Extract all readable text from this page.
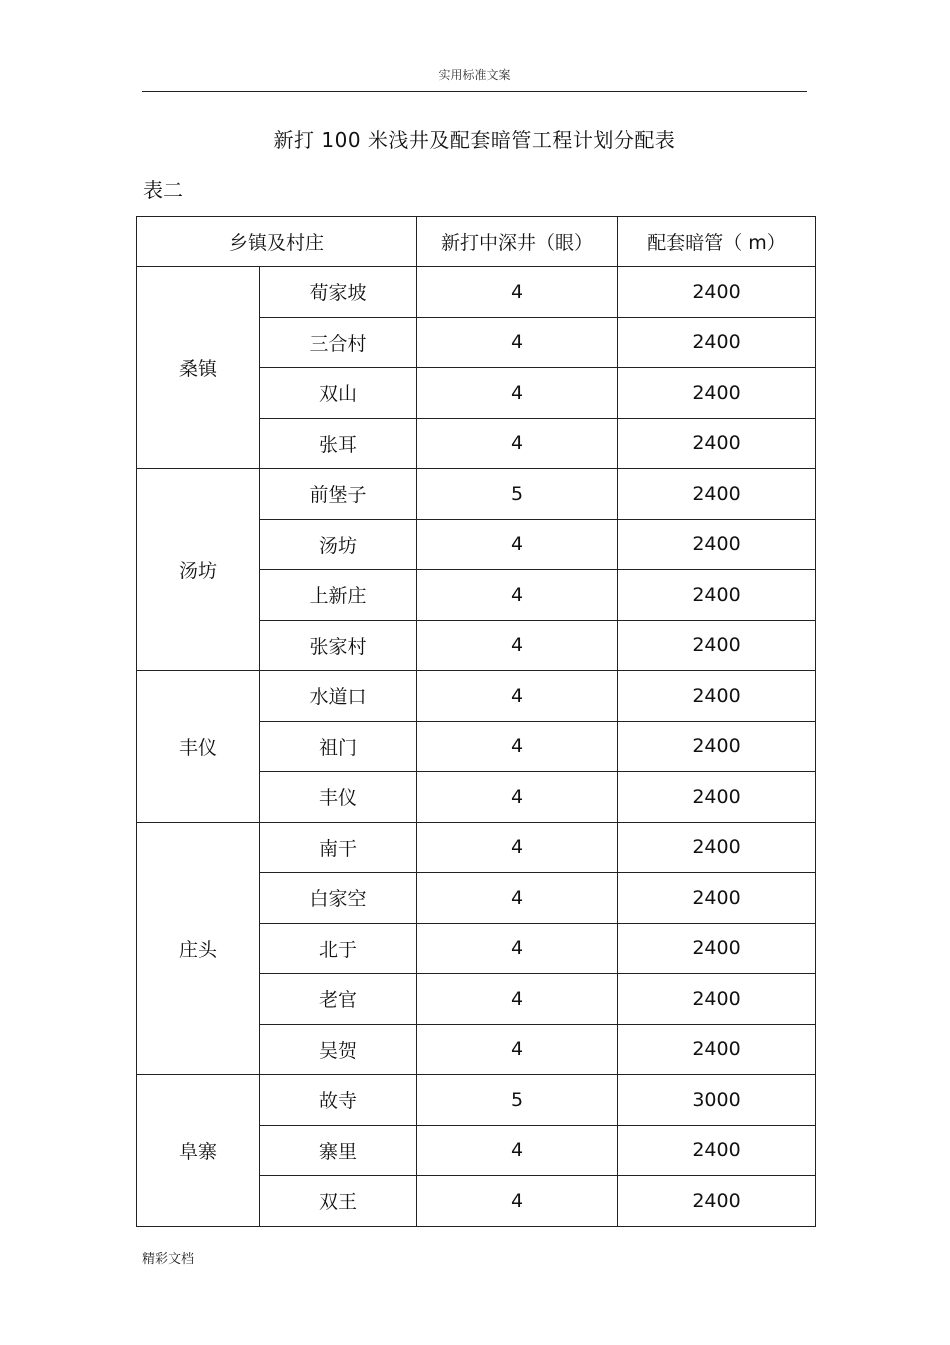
实用标准文案
新打 100 米浅井及配套暗管工程计划分配表
表二
乡镇及村庄		新打中深井（眼）	配套暗管（ m）
桑镇	荀家坡	4	2400
	三合村	4	2400
	双山	4	2400
	张耳	4	2400
汤坊	前堡子	5	2400
	汤坊	4	2400
	上新庄	4	2400
	张家村	4	2400
丰仪	水道口	4	2400
	祖门	4	2400
	丰仪	4	2400
庄头	南干	4	2400
	白家空	4	2400
	北于	4	2400
	老官	4	2400
	吴贺	4	2400
阜寨	故寺	5	3000
	寨里	4	2400
	双王	4	2400
精彩文档
